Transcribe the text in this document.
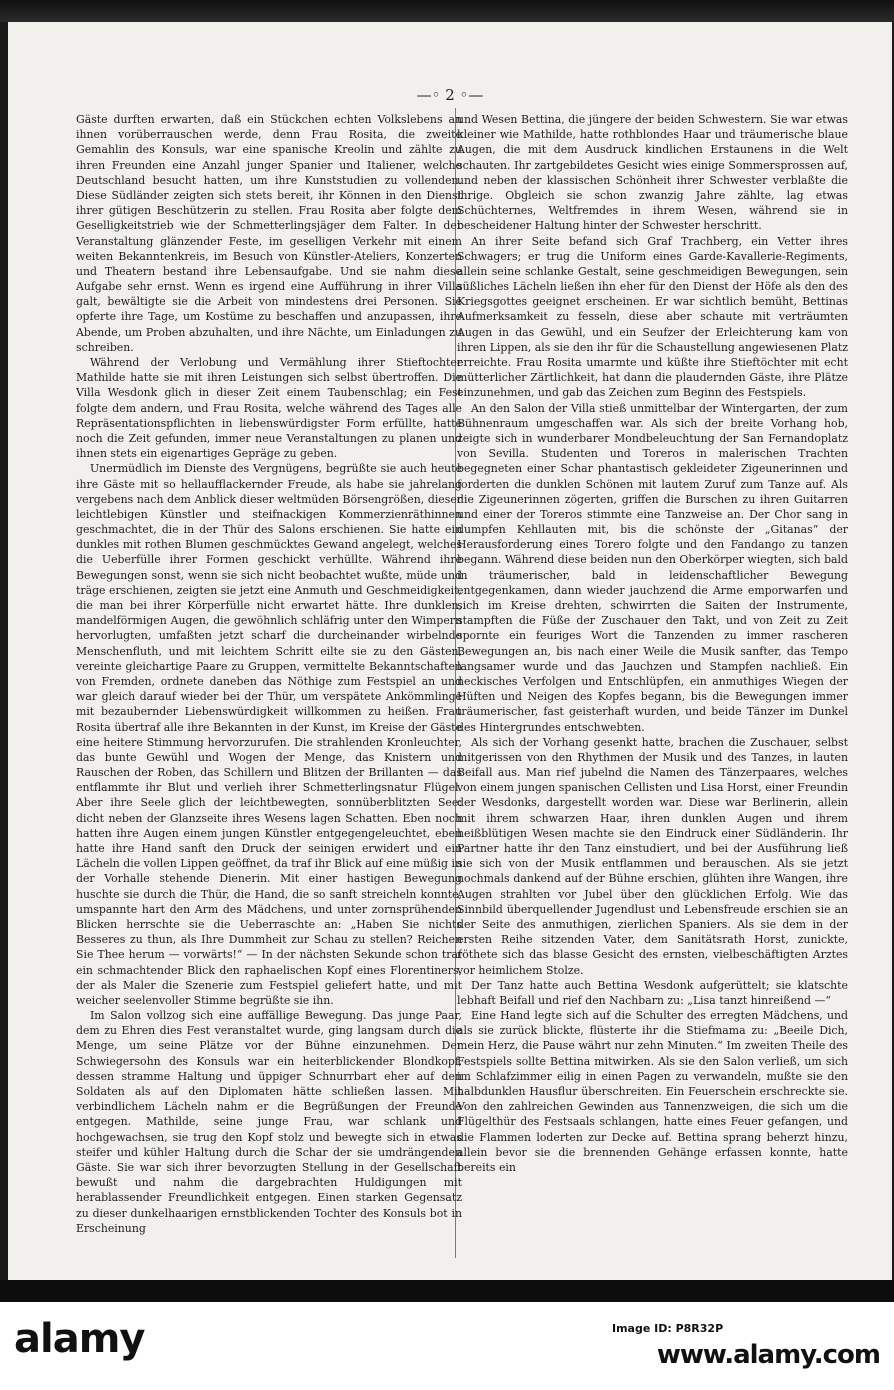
—◦ 2 ◦—

Gäste durften erwarten, daß ein Stückchen echten Volkslebens an ihnen vorüberrauschen werde, denn Frau Rosita, die zweite Gemahlin des Konsuls, war eine spanische Kreolin und zählte zu ihren Freunden eine Anzahl junger Spanier und Italiener, welche Deutschland besucht hatten, um ihre Kunststudien zu vollenden. Diese Südländer zeigten sich stets bereit, ihr Können in den Dienst ihrer gütigen Beschützerin zu stellen. Frau Rosita aber folgte dem Geselligkeitstrieb wie der Schmetterlingsjäger dem Falter. In der Veranstaltung glänzender Feste, im geselligen Verkehr mit einem weiten Bekanntenkreis, im Besuch von Künstler-Ateliers, Konzerten und Theatern bestand ihre Lebensaufgabe. Und sie nahm diese Aufgabe sehr ernst. Wenn es irgend eine Aufführung in ihrer Villa galt, bewältigte sie die Arbeit von mindestens drei Personen. Sie opferte ihre Tage, um Kostüme zu beschaffen und anzupassen, ihre Abende, um Proben abzuhalten, und ihre Nächte, um Einladungen zu schreiben.

Während der Verlobung und Vermählung ihrer Stieftochter Mathilde hatte sie mit ihren Leistungen sich selbst übertroffen. Die Villa Wesdonk glich in dieser Zeit einem Taubenschlag; ein Fest folgte dem andern, und Frau Rosita, welche während des Tages alle Repräsentationspflichten in liebenswürdigster Form erfüllte, hatte noch die Zeit gefunden, immer neue Veranstaltungen zu planen und ihnen stets ein eigenartiges Gepräge zu geben.

Unermüdlich im Dienste des Vergnügens, begrüßte sie auch heute ihre Gäste mit so hellaufflackernder Freude, als habe sie jahrelang vergebens nach dem Anblick dieser weltmüden Börsengrößen, dieser leichtlebigen Künstler und steifnackigen Kommerzienräthinnen geschmachtet, die in der Thür des Salons erschienen. Sie hatte ein dunkles mit rothen Blumen geschmücktes Gewand angelegt, welches die Ueberfülle ihrer Formen geschickt verhüllte. Während ihre Bewegungen sonst, wenn sie sich nicht beobachtet wußte, müde und träge erschienen, zeigten sie jetzt eine Anmuth und Geschmeidigkeit, die man bei ihrer Körperfülle nicht erwartet hätte. Ihre dunklen, mandelförmigen Augen, die gewöhnlich schläfrig unter den Wimpern hervorlugten, umfaßten jetzt scharf die durcheinander wirbelnde Menschenfluth, und mit leichtem Schritt eilte sie zu den Gästen, vereinte gleichartige Paare zu Gruppen, vermittelte Bekanntschaften von Fremden, ordnete daneben das Nöthige zum Festspiel an und war gleich darauf wieder bei der Thür, um verspätete Ankömmlinge mit bezaubernder Liebenswürdigkeit willkommen zu heißen. Frau Rosita übertraf alle ihre Bekannten in der Kunst, im Kreise der Gäste eine heitere Stimmung hervorzurufen. Die strahlenden Kronleuchter, das bunte Gewühl und Wogen der Menge, das Knistern und Rauschen der Roben, das Schillern und Blitzen der Brillanten — das entflammte ihr Blut und verlieh ihrer Schmetterlingsnatur Flügel. Aber ihre Seele glich der leichtbewegten, sonnüberblitzten See: dicht neben der Glanzseite ihres Wesens lagen Schatten. Eben noch hatten ihre Augen einem jungen Künstler entgegengeleuchtet, eben hatte ihre Hand sanft den Druck der seinigen erwidert und ein Lächeln die vollen Lippen geöffnet, da traf ihr Blick auf eine müßig in der Vorhalle stehende Dienerin. Mit einer hastigen Bewegung huschte sie durch die Thür, die Hand, die so sanft streicheln konnte, umspannte hart den Arm des Mädchens, und unter zornsprühenden Blicken herrschte sie die Ueberraschte an: „Haben Sie nichts Besseres zu thun, als Ihre Dummheit zur Schau zu stellen? Reichen Sie Thee herum — vorwärts!“ — In der nächsten Sekunde schon traf ein schmachtender Blick den raphaelischen Kopf eines Florentiners, der als Maler die Szenerie zum Festspiel geliefert hatte, und mit weicher seelenvoller Stimme begrüßte sie ihn.

Im Salon vollzog sich eine auffällige Bewegung. Das junge Paar, dem zu Ehren dies Fest veranstaltet wurde, ging langsam durch die Menge, um seine Plätze vor der Bühne einzunehmen. Der Schwiegersohn des Konsuls war ein heiterblickender Blondkopf, dessen stramme Haltung und üppiger Schnurrbart eher auf den Soldaten als auf den Diplomaten hätte schließen lassen. Mit verbindlichem Lächeln nahm er die Begrüßungen der Freunde entgegen. Mathilde, seine junge Frau, war schlank und hochgewachsen, sie trug den Kopf stolz und bewegte sich in etwas steifer und kühler Haltung durch die Schar der sie umdrängenden Gäste. Sie war sich ihrer bevorzugten Stellung in der Gesellschaft bewußt und nahm die dargebrachten Huldigungen mit herablassender Freundlichkeit entgegen. Einen starken Gegensatz zu dieser dunkelhaarigen ernstblickenden Tochter des Konsuls bot in Erscheinung

und Wesen Bettina, die jüngere der beiden Schwestern. Sie war etwas kleiner wie Mathilde, hatte rothblondes Haar und träumerische blaue Augen, die mit dem Ausdruck kindlichen Erstaunens in die Welt schauten. Ihr zartgebildetes Gesicht wies einige Sommersprossen auf, und neben der klassischen Schönheit ihrer Schwester verblaßte die ihrige. Obgleich sie schon zwanzig Jahre zählte, lag etwas Schüchternes, Weltfremdes in ihrem Wesen, während sie in bescheidener Haltung hinter der Schwester herschritt.

An ihrer Seite befand sich Graf Trachberg, ein Vetter ihres Schwagers; er trug die Uniform eines Garde-Kavallerie-Regiments, allein seine schlanke Gestalt, seine geschmeidigen Bewegungen, sein süßliches Lächeln ließen ihn eher für den Dienst der Höfe als den des Kriegsgottes geeignet erscheinen. Er war sichtlich bemüht, Bettinas Aufmerksamkeit zu fesseln, diese aber schaute mit verträumten Augen in das Gewühl, und ein Seufzer der Erleichterung kam von ihren Lippen, als sie den ihr für die Schaustellung angewiesenen Platz erreichte. Frau Rosita umarmte und küßte ihre Stieftöchter mit echt mütterlicher Zärtlichkeit, hat dann die plaudernden Gäste, ihre Plätze einzunehmen, und gab das Zeichen zum Beginn des Festspiels.

An den Salon der Villa stieß unmittelbar der Wintergarten, der zum Bühnenraum umgeschaffen war. Als sich der breite Vorhang hob, zeigte sich in wunderbarer Mondbeleuchtung der San Fernandoplatz von Sevilla. Studenten und Toreros in malerischen Trachten begegneten einer Schar phantastisch gekleideter Zigeunerinnen und forderten die dunklen Schönen mit lautem Zuruf zum Tanze auf. Als die Zigeunerinnen zögerten, griffen die Burschen zu ihren Guitarren und einer der Toreros stimmte eine Tanzweise an. Der Chor sang in dumpfen Kehllauten mit, bis die schönste der „Gitanas“ der Herausforderung eines Torero folgte und den Fandango zu tanzen begann. Während diese beiden nun den Oberkörper wiegten, sich bald in träumerischer, bald in leidenschaftlicher Bewegung entgegenkamen, dann wieder jauchzend die Arme emporwarfen und sich im Kreise drehten, schwirrten die Saiten der Instrumente, stampften die Füße der Zuschauer den Takt, und von Zeit zu Zeit spornte ein feuriges Wort die Tanzenden zu immer rascheren Bewegungen an, bis nach einer Weile die Musik sanfter, das Tempo langsamer wurde und das Jauchzen und Stampfen nachließ. Ein neckisches Verfolgen und Entschlüpfen, ein anmuthiges Wiegen der Hüften und Neigen des Kopfes begann, bis die Bewegungen immer träumerischer, fast geisterhaft wurden, und beide Tänzer im Dunkel des Hintergrundes entschwebten.

Als sich der Vorhang gesenkt hatte, brachen die Zuschauer, selbst mitgerissen von den Rhythmen der Musik und des Tanzes, in lauten Beifall aus. Man rief jubelnd die Namen des Tänzerpaares, welches von einem jungen spanischen Cellisten und Lisa Horst, einer Freundin der Wesdonks, dargestellt worden war. Diese war Berlinerin, allein mit ihrem schwarzen Haar, ihren dunklen Augen und ihrem heißblütigen Wesen machte sie den Eindruck einer Südländerin. Ihr Partner hatte ihr den Tanz einstudiert, und bei der Ausführung ließ sie sich von der Musik entflammen und berauschen. Als sie jetzt nochmals dankend auf der Bühne erschien, glühten ihre Wangen, ihre Augen strahlten vor Jubel über den glücklichen Erfolg. Wie das Sinnbild überquellender Jugendlust und Lebensfreude erschien sie an der Seite des anmuthigen, zierlichen Spaniers. Als sie dem in der ersten Reihe sitzenden Vater, dem Sanitätsrath Horst, zunickte, röthete sich das blasse Gesicht des ernsten, vielbeschäftigten Arztes vor heimlichem Stolze.

Der Tanz hatte auch Bettina Wesdonk aufgerüttelt; sie klatschte lebhaft Beifall und rief den Nachbarn zu: „Lisa tanzt hinreißend —“

Eine Hand legte sich auf die Schulter des erregten Mädchens, und als sie zurück blickte, flüsterte ihr die Stiefmama zu: „Beeile Dich, mein Herz, die Pause währt nur zehn Minuten.“ Im zweiten Theile des Festspiels sollte Bettina mitwirken. Als sie den Salon verließ, um sich im Schlafzimmer eilig in einen Pagen zu verwandeln, mußte sie den halbdunklen Hausflur überschreiten. Ein Feuerschein erschreckte sie. Von den zahlreichen Gewinden aus Tannenzweigen, die sich um die Flügelthür des Festsaals schlangen, hatte eines Feuer gefangen, und die Flammen loderten zur Decke auf. Bettina sprang beherzt hinzu, allein bevor sie die brennenden Gehänge erfassen konnte, hatte bereits ein

alamy	Image ID: P8R32P
www.alamy.com
